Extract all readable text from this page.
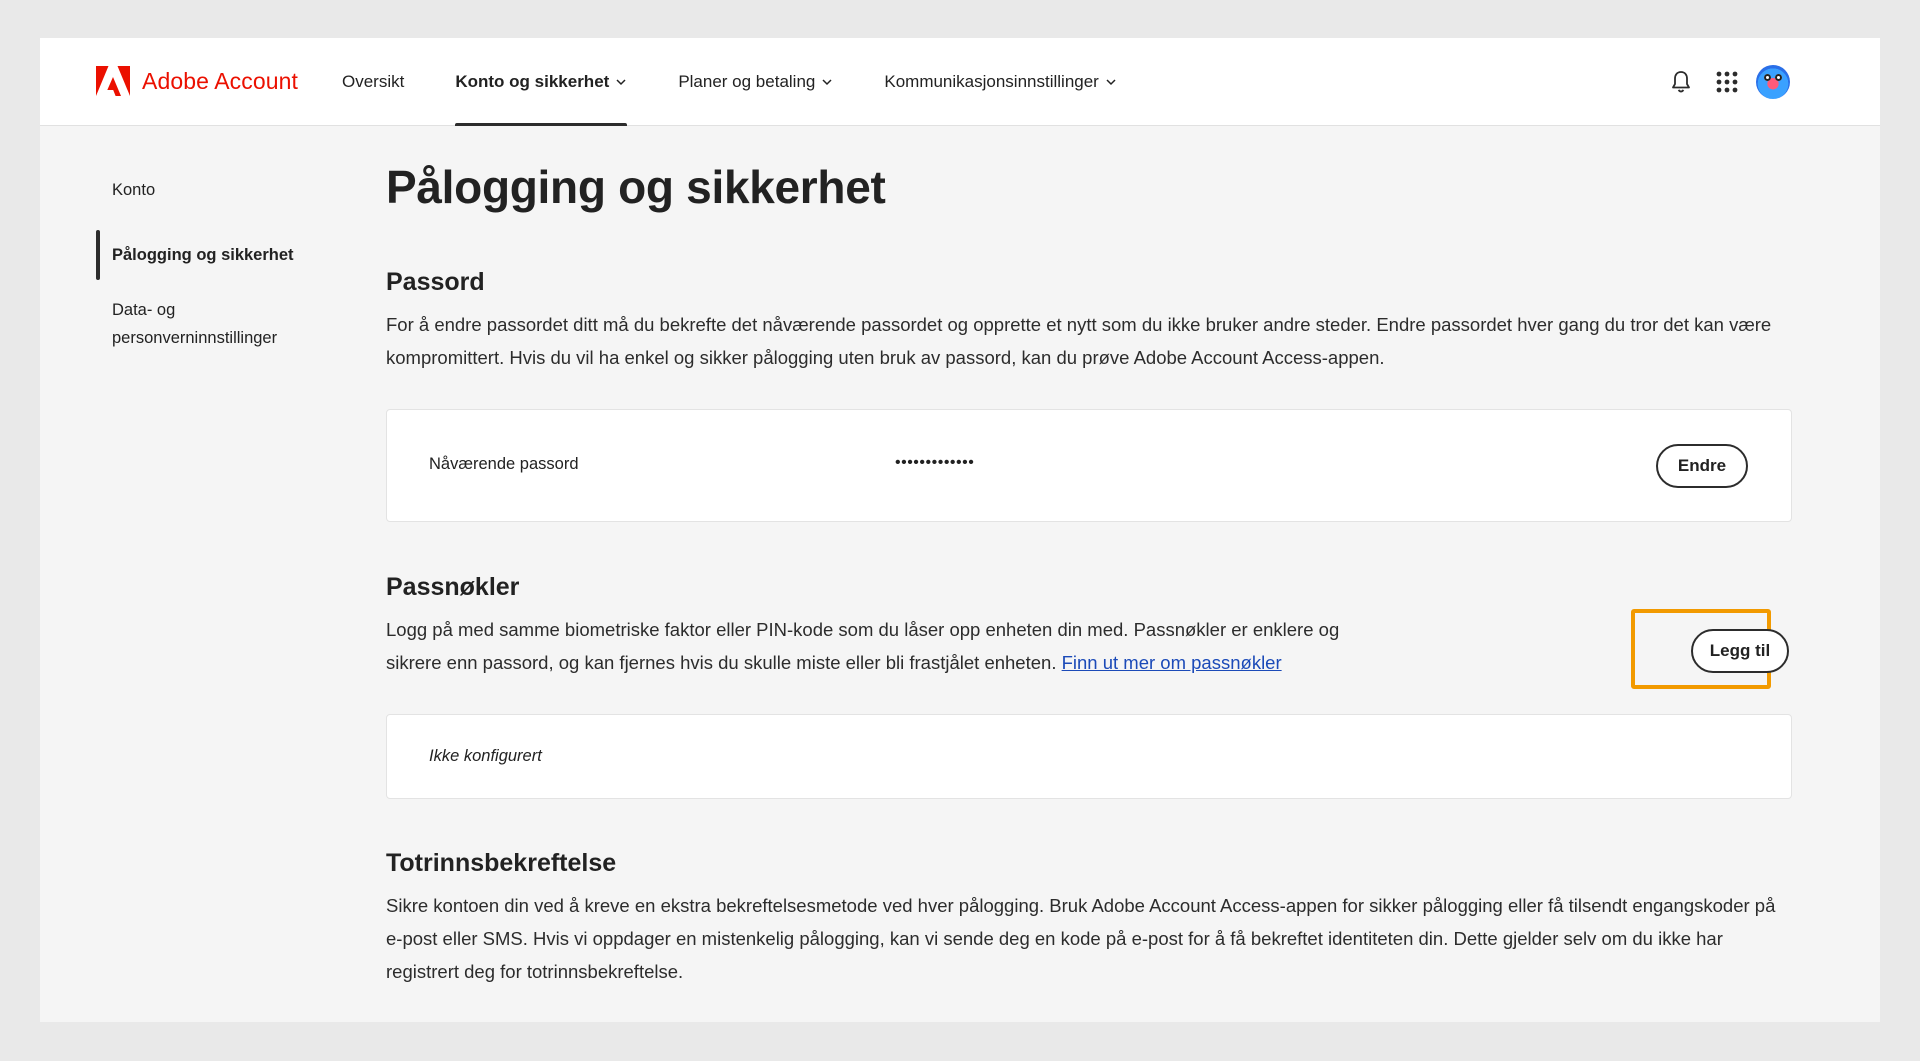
Adobe Account	Oversikt	Konto og sikkerhet	Planer og betaling	Kommunikasjonsinnstillinger
Konto
Pålogging og sikkerhet
Data- og personverninnstillinger
Pålogging og sikkerhet
Passord

For å endre passordet ditt må du bekrefte det nåværende passordet og opprette et nytt som du ikke bruker andre steder. Endre passordet hver gang du tror det kan være kompromittert. Hvis du vil ha enkel og sikker pålogging uten bruk av passord, kan du prøve Adobe Account Access-appen.

Nåværende passord	•••••••••••••	Endre
Passnøkler

Logg på med samme biometriske faktor eller PIN-kode som du låser opp enheten din med. Passnøkler er enklere og sikrere enn passord, og kan fjernes hvis du skulle miste eller bli frastjålet enheten. Finn ut mer om passnøkler

Legg til
Ikke konfigurert
Totrinnsbekreftelse

Sikre kontoen din ved å kreve en ekstra bekreftelsesmetode ved hver pålogging. Bruk Adobe Account Access-appen for sikker pålogging eller få tilsendt engangskoder på e-post eller SMS. Hvis vi oppdager en mistenkelig pålogging, kan vi sende deg en kode på e-post for å få bekreftet identiteten din. Dette gjelder selv om du ikke har registrert deg for totrinnsbekreftelse.
